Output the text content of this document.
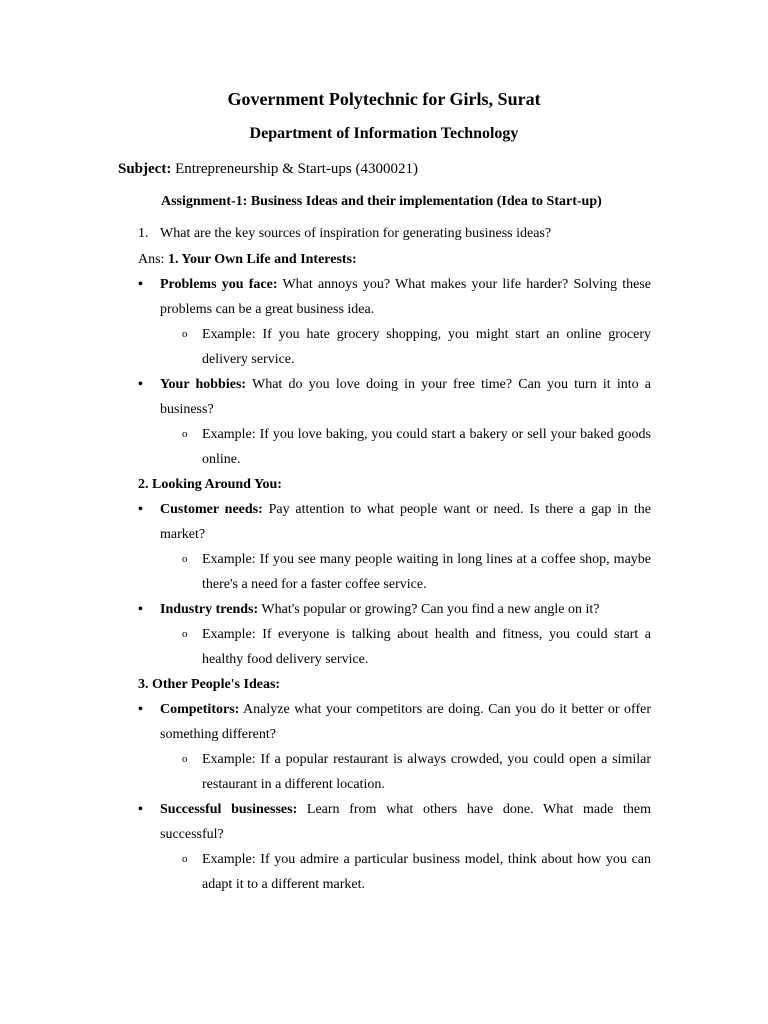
Government Polytechnic for Girls, Surat
Department of Information Technology
Subject: Entrepreneurship & Start-ups (4300021)
Assignment-1: Business Ideas and their implementation (Idea to Start-up)
1. What are the key sources of inspiration for generating business ideas?

Ans: 1. Your Own Life and Interests:

• Problems you face: What annoys you? What makes your life harder? Solving these problems can be a great business idea.
o Example: If you hate grocery shopping, you might start an online grocery delivery service.
• Your hobbies: What do you love doing in your free time? Can you turn it into a business?
o Example: If you love baking, you could start a bakery or sell your baked goods online.

2. Looking Around You:

• Customer needs: Pay attention to what people want or need. Is there a gap in the market?
o Example: If you see many people waiting in long lines at a coffee shop, maybe there's a need for a faster coffee service.
• Industry trends: What's popular or growing? Can you find a new angle on it?
o Example: If everyone is talking about health and fitness, you could start a healthy food delivery service.

3. Other People's Ideas:

• Competitors: Analyze what your competitors are doing. Can you do it better or offer something different?
o Example: If a popular restaurant is always crowded, you could open a similar restaurant in a different location.
• Successful businesses: Learn from what others have done. What made them successful?
o Example: If you admire a particular business model, think about how you can adapt it to a different market.
